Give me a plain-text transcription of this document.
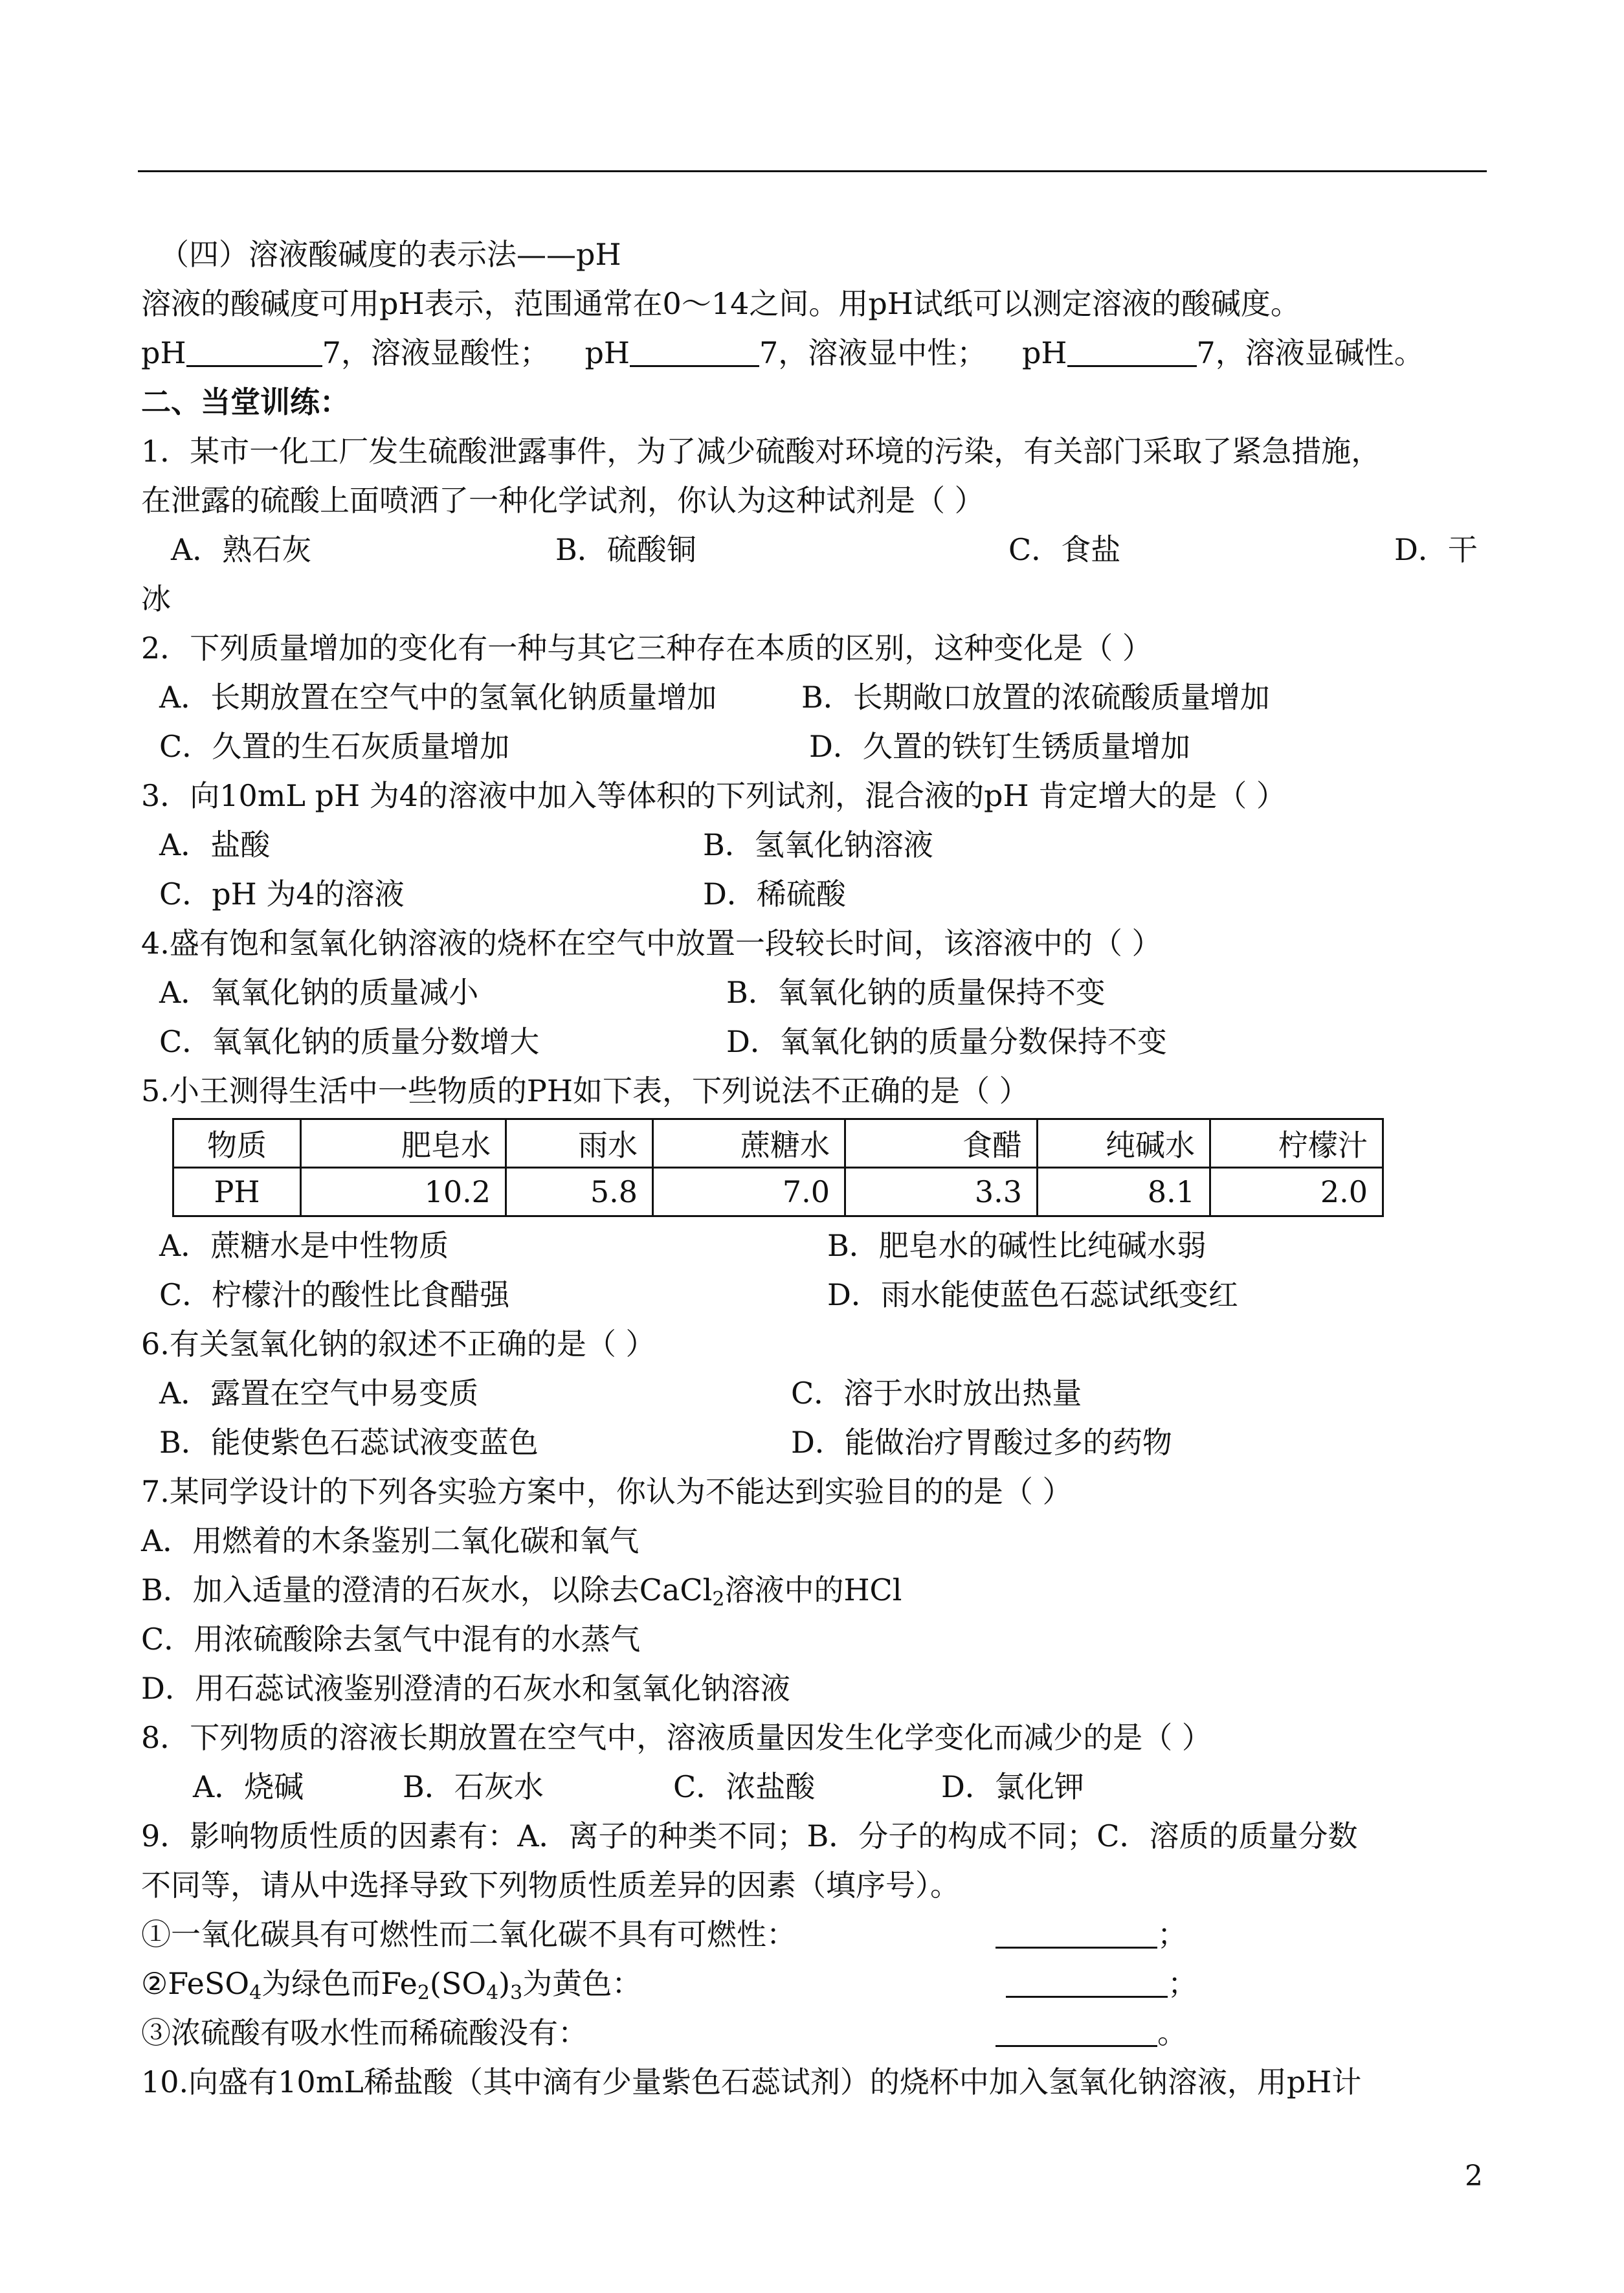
（四）溶液酸碱度的表示法——pH
溶液的酸碱度可用pH表示，范围通常在0～14之间。用pH试纸可以测定溶液的酸碱度。
pH	7，溶液显酸性； pH	7，溶液显中性； pH	7，溶液显碱性。
二、当堂训练：
1．某市一化工厂发生硫酸泄露事件，为了减少硫酸对环境的污染，有关部门采取了紧急措施，
在泄露的硫酸上面喷洒了一种化学试剂，你认为这种试剂是（ ）
A．熟石灰	B．硫酸铜	C．食盐	D．干
冰
2．下列质量增加的变化有一种与其它三种存在本质的区别，这种变化是（ ）
A．长期放置在空气中的氢氧化钠质量增加	B．长期敞口放置的浓硫酸质量增加
C．久置的生石灰质量增加	D．久置的铁钉生锈质量增加
3．向10mL pH 为4的溶液中加入等体积的下列试剂，混合液的pH 肯定增大的是（ ）
A．盐酸	B．氢氧化钠溶液
C．pH 为4的溶液	D．稀硫酸
4.盛有饱和氢氧化钠溶液的烧杯在空气中放置一段较长时间，该溶液中的（ ）
A．氧氧化钠的质量减小	B．氧氧化钠的质量保持不变
C．氧氧化钠的质量分数增大	D．氧氧化钠的质量分数保持不变
5.小王测得生活中一些物质的PH如下表，下列说法不正确的是（ ）
物质	肥皂水	雨水	蔗糖水	食醋	纯碱水	柠檬汁
PH	10.2	5.8	7.0	3.3	8.1	2.0
A．蔗糖水是中性物质	B．肥皂水的碱性比纯碱水弱
C．柠檬汁的酸性比食醋强	D．雨水能使蓝色石蕊试纸变红
6.有关氢氧化钠的叙述不正确的是（ ）
A．露置在空气中易变质	C．溶于水时放出热量
B．能使紫色石蕊试液变蓝色	D．能做治疗胃酸过多的药物
7.某同学设计的下列各实验方案中，你认为不能达到实验目的的是（ ）
A．用燃着的木条鉴别二氧化碳和氧气
B．加入适量的澄清的石灰水，以除去CaCl$_2$溶液中的HCl
C．用浓硫酸除去氢气中混有的水蒸气
D．用石蕊试液鉴别澄清的石灰水和氢氧化钠溶液
8．下列物质的溶液长期放置在空气中，溶液质量因发生化学变化而减少的是（ ）
A．烧碱	B．石灰水	C．浓盐酸	D．氯化钾
9．影响物质性质的因素有：A．离子的种类不同；B．分子的构成不同；C．溶质的质量分数
不同等，请从中选择导致下列物质性质差异的因素（填序号）。
①一氧化碳具有可燃性而二氧化碳不具有可燃性：	；
②FeSO$_4$为绿色而$Fe_2(SO_4)_3$为黄色：	；
③浓硫酸有吸水性而稀硫酸没有：	。
10.向盛有10mL稀盐酸（其中滴有少量紫色石蕊试剂）的烧杯中加入氢氧化钠溶液，用pH计
2
